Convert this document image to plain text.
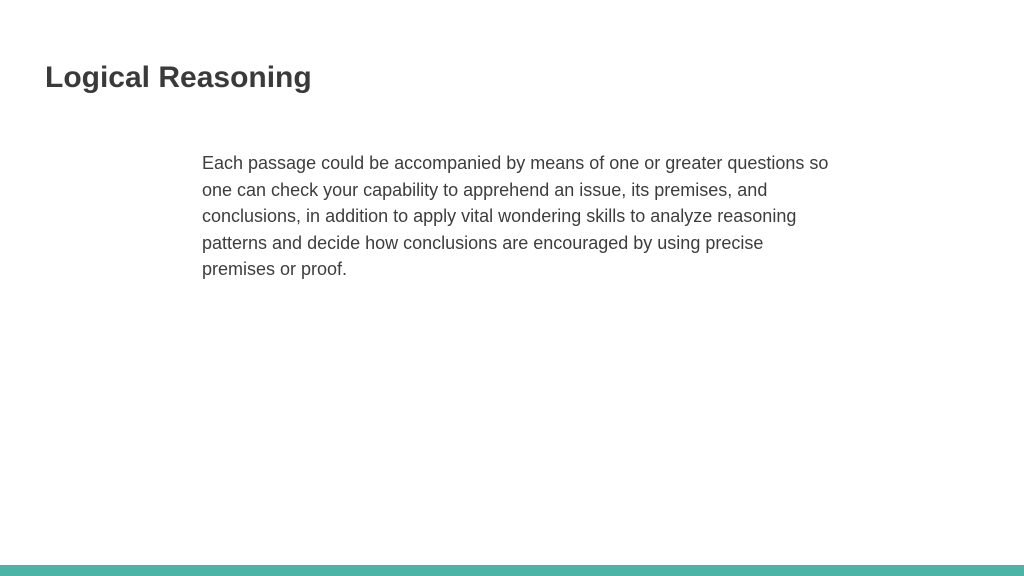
Logical Reasoning

Each passage could be accompanied by means of one or greater questions so one can check your capability to apprehend an issue, its premises, and conclusions, in addition to apply vital wondering skills to analyze reasoning patterns and decide how conclusions are encouraged by using precise premises or proof.
